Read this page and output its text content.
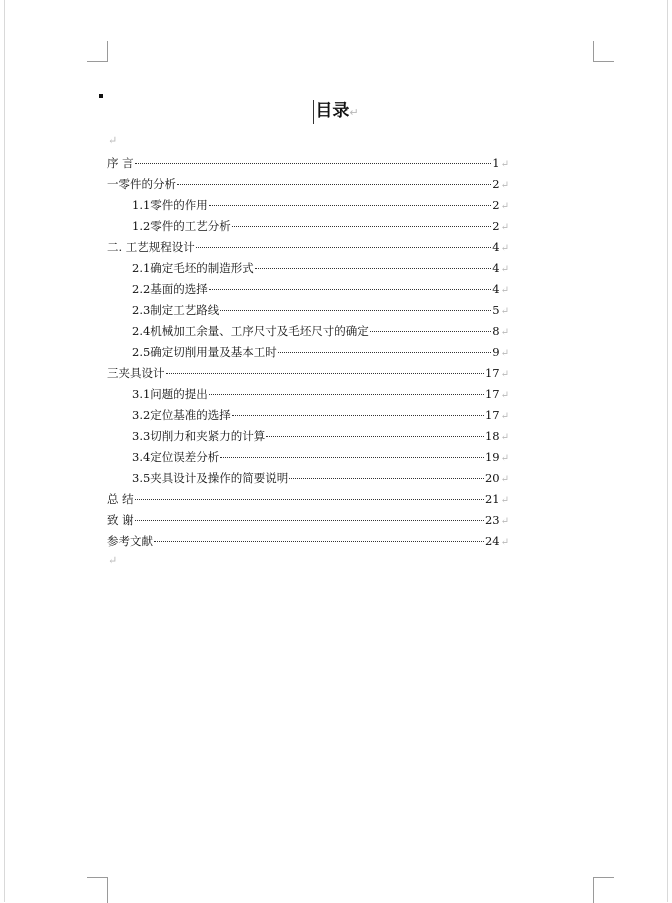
目录↵
↵
序 言	1 ↵
一零件的分析	2 ↵
1.1零件的作用	2 ↵
1.2零件的工艺分析	2 ↵
二. 工艺规程设计	4 ↵
2.1确定毛坯的制造形式	4 ↵
2.2基面的选择	4 ↵
2.3制定工艺路线	5 ↵
2.4机械加工余量、工序尺寸及毛坯尺寸的确定	8 ↵
2.5确定切削用量及基本工时	9 ↵
三夹具设计	17 ↵
3.1问题的提出	17 ↵
3.2定位基准的选择	17 ↵
3.3切削力和夹紧力的计算	18 ↵
3.4定位误差分析	19 ↵
3.5夹具设计及操作的简要说明	20 ↵
总 结	21 ↵
致 谢	23 ↵
参考文献	24 ↵
↵
